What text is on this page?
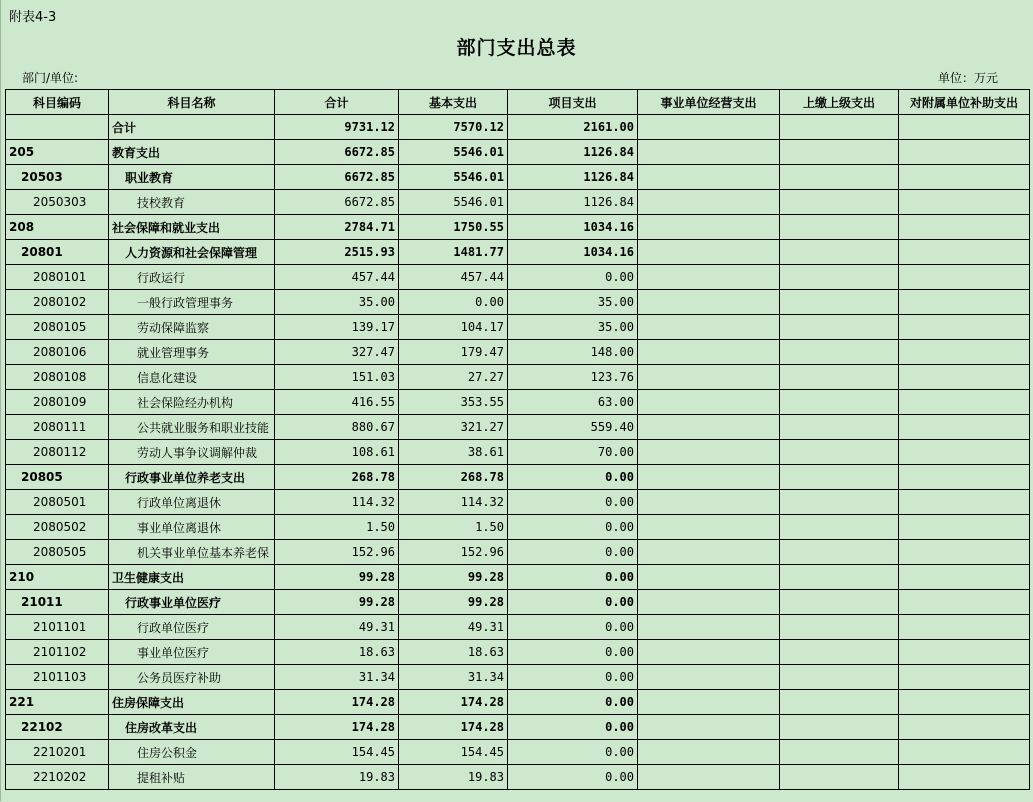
附表4-3
部门支出总表
部门/单位:	单位：万元
科目编码	科目名称	合计	基本支出	项目支出	事业单位经营支出	上缴上级支出	对附属单位补助支出
	合计	9731.12	7570.12	2161.00			
205	教育支出	6672.85	5546.01	1126.84			
20503	职业教育	6672.85	5546.01	1126.84			
2050303	技校教育	6672.85	5546.01	1126.84			
208	社会保障和就业支出	2784.71	1750.55	1034.16			
20801	人力资源和社会保障管理	2515.93	1481.77	1034.16			
2080101	行政运行	457.44	457.44	0.00			
2080102	一般行政管理事务	35.00	0.00	35.00			
2080105	劳动保障监察	139.17	104.17	35.00			
2080106	就业管理事务	327.47	179.47	148.00			
2080108	信息化建设	151.03	27.27	123.76			
2080109	社会保险经办机构	416.55	353.55	63.00			
2080111	公共就业服务和职业技能	880.67	321.27	559.40			
2080112	劳动人事争议调解仲裁	108.61	38.61	70.00			
20805	行政事业单位养老支出	268.78	268.78	0.00			
2080501	行政单位离退休	114.32	114.32	0.00			
2080502	事业单位离退休	1.50	1.50	0.00			
2080505	机关事业单位基本养老保	152.96	152.96	0.00			
210	卫生健康支出	99.28	99.28	0.00			
21011	行政事业单位医疗	99.28	99.28	0.00			
2101101	行政单位医疗	49.31	49.31	0.00			
2101102	事业单位医疗	18.63	18.63	0.00			
2101103	公务员医疗补助	31.34	31.34	0.00			
221	住房保障支出	174.28	174.28	0.00			
22102	住房改革支出	174.28	174.28	0.00			
2210201	住房公积金	154.45	154.45	0.00			
2210202	提租补贴	19.83	19.83	0.00			
